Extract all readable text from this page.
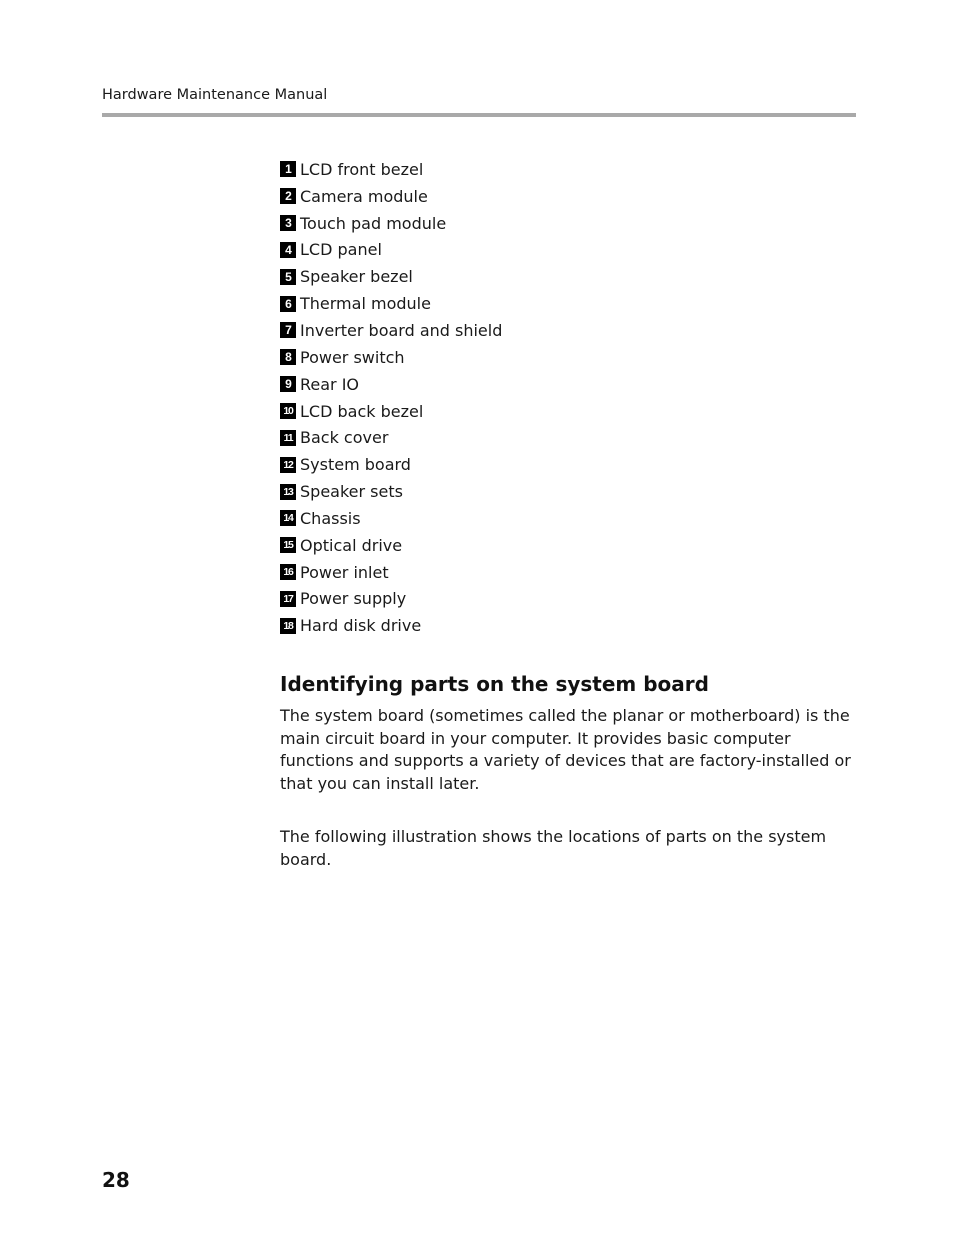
Hardware Maintenance Manual
1 LCD front bezel
2 Camera module
3 Touch pad module
4 LCD panel
5 Speaker bezel
6 Thermal module
7 Inverter board and shield
8 Power switch
9 Rear IO
10 LCD back bezel
11 Back cover
12 System board
13 Speaker sets
14 Chassis
15 Optical drive
16 Power inlet
17 Power supply
18 Hard disk drive
Identifying parts on the system board

The system board (sometimes called the planar or motherboard) is the main circuit board in your computer. It provides basic computer functions and supports a variety of devices that are factory-installed or that you can install later.

The following illustration shows the locations of parts on the system board.

28
